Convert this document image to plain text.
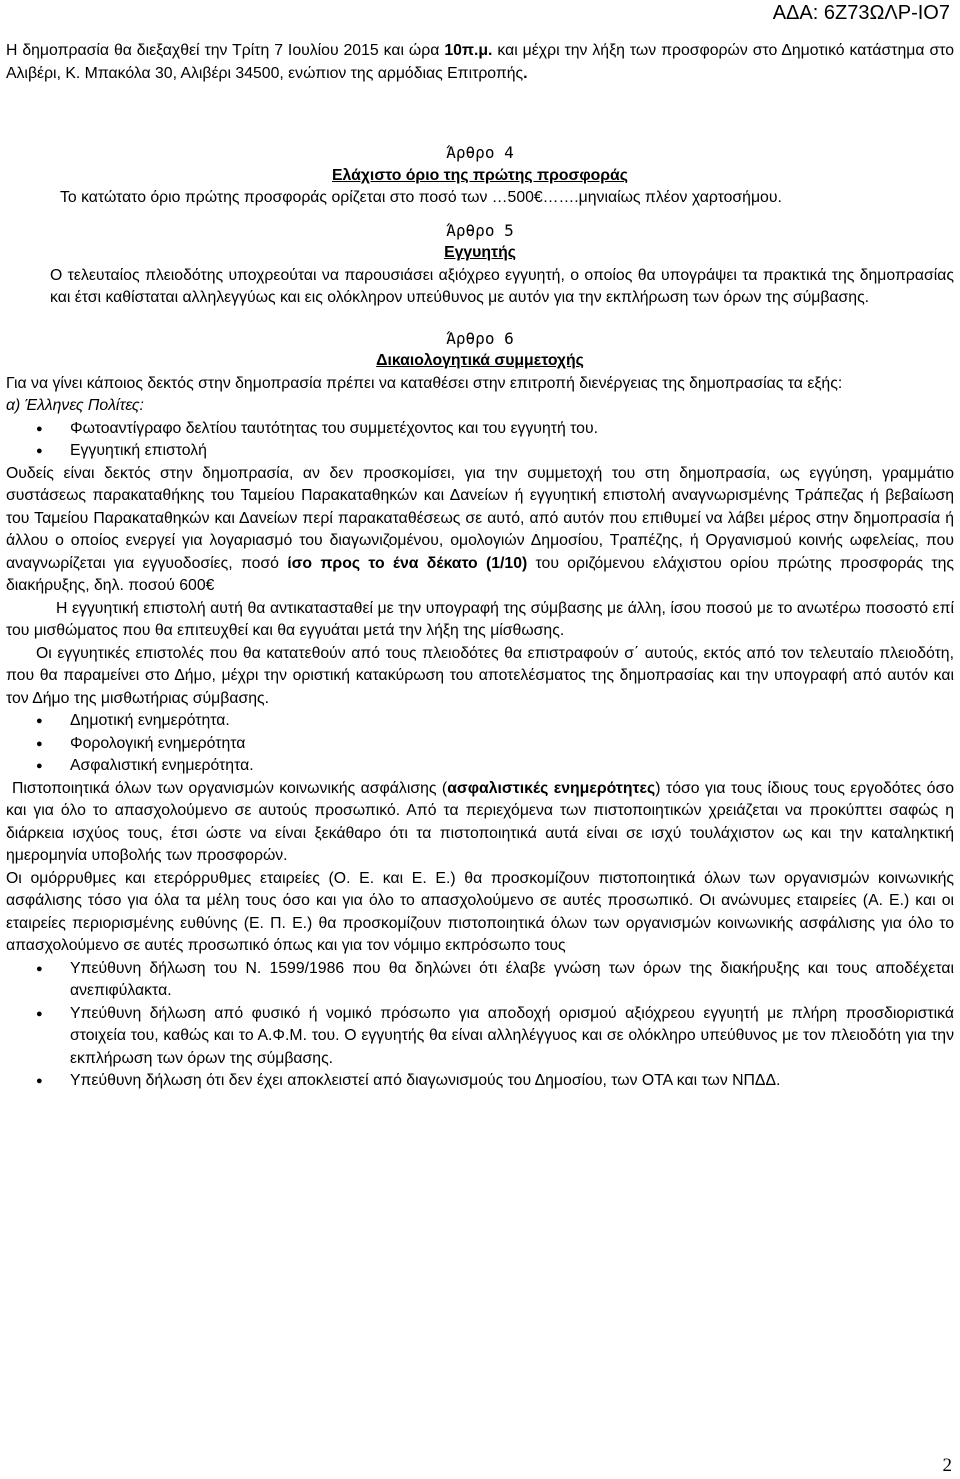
ΑΔΑ: 6Ζ73ΩΛΡ-ΙΟ7

Η δημοπρασία θα διεξαχθεί την Τρίτη 7 Ιουλίου 2015 και ώρα 10π.μ. και μέχρι την λήξη των προσφορών στο Δημοτικό κατάστημα στο Αλιβέρι, Κ. Μπακόλα 30, Αλιβέρι 34500, ενώπιον της αρμόδιας Επιτροπής.

Άρθρο 4

Ελάχιστο όριο της πρώτης προσφοράς

Το κατώτατο όριο πρώτης προσφοράς ορίζεται στο ποσό των …500€…….μηνιαίως πλέον χαρτοσήμου.

Άρθρο 5

Εγγυητής

Ο τελευταίος πλειοδότης υποχρεούται να παρουσιάσει αξιόχρεο εγγυητή, ο οποίος θα υπογράψει τα πρακτικά της δημοπρασίας και έτσι καθίσταται αλληλεγγύως και εις ολόκληρον υπεύθυνος με αυτόν για την εκπλήρωση των όρων της σύμβασης.

Άρθρο 6

Δικαιολογητικά συμμετοχής

Για να γίνει κάποιος δεκτός στην δημοπρασία πρέπει να καταθέσει στην επιτροπή διενέργειας της δημοπρασίας τα εξής:

α) Έλληνες Πολίτες:

● Φωτοαντίγραφο δελτίου ταυτότητας του συμμετέχοντος και του εγγυητή του.
● Εγγυητική επιστολή

Ουδείς είναι δεκτός στην δημοπρασία, αν δεν προσκομίσει, για την συμμετοχή του στη δημοπρασία, ως εγγύηση, γραμμάτιο συστάσεως παρακαταθήκης του Ταμείου Παρακαταθηκών και Δανείων ή εγγυητική επιστολή αναγνωρισμένης Τράπεζας ή βεβαίωση του Ταμείου Παρακαταθηκών και Δανείων περί παρακαταθέσεως σε αυτό, από αυτόν που επιθυμεί να λάβει μέρος στην δημοπρασία ή άλλου ο οποίος ενεργεί για λογαριασμό του διαγωνιζομένου, ομολογιών Δημοσίου, Τραπέζης, ή Οργανισμού κοινής ωφελείας, που αναγνωρίζεται για εγγυοδοσίες, ποσό ίσο προς το ένα δέκατο (1/10) του οριζόμενου ελάχιστου ορίου πρώτης προσφοράς της διακήρυξης, δηλ. ποσού 600€

Η εγγυητική επιστολή αυτή θα αντικατασταθεί με την υπογραφή της σύμβασης με άλλη, ίσου ποσού με το ανωτέρω ποσοστό επί του μισθώματος που θα επιτευχθεί και θα εγγυάται μετά την λήξη της μίσθωσης.

Οι εγγυητικές επιστολές που θα κατατεθούν από τους πλειοδότες θα επιστραφούν σ΄ αυτούς, εκτός από τον τελευταίο πλειοδότη, που θα παραμείνει στο Δήμο, μέχρι την οριστική κατακύρωση του αποτελέσματος της δημοπρασίας και την υπογραφή από αυτόν και τον Δήμο της μισθωτήριας σύμβασης.

● Δημοτική ενημερότητα.
● Φορολογική ενημερότητα
● Ασφαλιστική ενημερότητα.

Πιστοποιητικά όλων των οργανισμών κοινωνικής ασφάλισης (ασφαλιστικές ενημερότητες) τόσο για τους ίδιους τους εργοδότες όσο και για όλο το απασχολούμενο σε αυτούς προσωπικό. Από τα περιεχόμενα των πιστοποιητικών χρειάζεται να προκύπτει σαφώς η διάρκεια ισχύος τους, έτσι ώστε να είναι ξεκάθαρο ότι τα πιστοποιητικά αυτά είναι σε ισχύ τουλάχιστον ως και την καταληκτική ημερομηνία υποβολής των προσφορών.

Οι ομόρρυθμες και ετερόρρυθμες εταιρείες (Ο. Ε. και Ε. Ε.) θα προσκομίζουν πιστοποιητικά όλων των οργανισμών κοινωνικής ασφάλισης τόσο για όλα τα μέλη τους όσο και για όλο το απασχολούμενο σε αυτές προσωπικό. Οι ανώνυμες εταιρείες (Α. Ε.) και οι εταιρείες περιορισμένης ευθύνης (Ε. Π. Ε.) θα προσκομίζουν πιστοποιητικά όλων των οργανισμών κοινωνικής ασφάλισης για όλο το απασχολούμενο σε αυτές προσωπικό όπως και για τον νόμιμο εκπρόσωπο τους

● Υπεύθυνη δήλωση του Ν. 1599/1986 που θα δηλώνει ότι έλαβε γνώση των όρων της διακήρυξης και τους αποδέχεται ανεπιφύλακτα.
● Υπεύθυνη δήλωση από φυσικό ή νομικό πρόσωπο για αποδοχή ορισμού αξιόχρεου εγγυητή με πλήρη προσδιοριστικά στοιχεία του, καθώς και το Α.Φ.Μ. του. Ο εγγυητής θα είναι αλληλέγγυος και σε ολόκληρο υπεύθυνος με τον πλειοδότη για την εκπλήρωση των όρων της σύμβασης.
● Υπεύθυνη δήλωση ότι δεν έχει αποκλειστεί από διαγωνισμούς του Δημοσίου, των ΟΤΑ και των ΝΠΔΔ.
2
